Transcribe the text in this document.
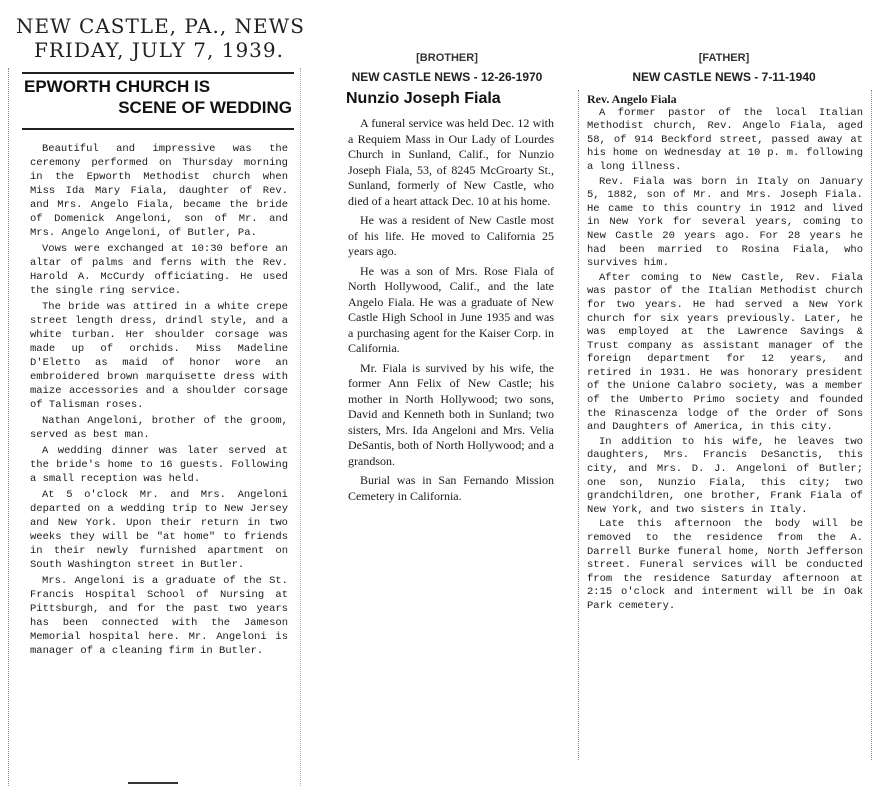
NEW CASTLE, PA., NEWS
FRIDAY, JULY 7, 1939.
EPWORTH CHURCH IS
SCENE OF WEDDING

Beautiful and impressive was the ceremony performed on Thursday morning in the Epworth Methodist church when Miss Ida Mary Fiala, daughter of Rev. and Mrs. Angelo Fiala, became the bride of Domenick Angeloni, son of Mr. and Mrs. Angelo Angeloni, of Butler, Pa.

Vows were exchanged at 10:30 before an altar of palms and ferns with the Rev. Harold A. McCurdy officiating. He used the single ring service.

The bride was attired in a white crepe street length dress, drindl style, and a white turban. Her shoulder corsage was made up of orchids. Miss Madeline D'Eletto as maid of honor wore an embroidered brown marquisette dress with maize accessories and a shoulder corsage of Talisman roses.

Nathan Angeloni, brother of the groom, served as best man.

A wedding dinner was later served at the bride's home to 16 guests. Following a small reception was held.

At 5 o'clock Mr. and Mrs. Angeloni departed on a wedding trip to New Jersey and New York. Upon their return in two weeks they will be "at home" to friends in their newly furnished apartment on South Washington street in Butler.

Mrs. Angeloni is a graduate of the St. Francis Hospital School of Nursing at Pittsburgh, and for the past two years has been connected with the Jameson Memorial hospital here. Mr. Angeloni is manager of a cleaning firm in Butler.

[BROTHER]
NEW CASTLE NEWS - 12-26-1970
Nunzio Joseph Fiala

A funeral service was held Dec. 12 with a Requiem Mass in Our Lady of Lourdes Church in Sunland, Calif., for Nunzio Joseph Fiala, 53, of 8245 McGroarty St., Sunland, formerly of New Castle, who died of a heart attack Dec. 10 at his home.

He was a resident of New Castle most of his life. He moved to California 25 years ago.

He was a son of Mrs. Rose Fiala of North Hollywood, Calif., and the late Angelo Fiala. He was a graduate of New Castle High School in June 1935 and was a purchasing agent for the Kaiser Corp. in California.

Mr. Fiala is survived by his wife, the former Ann Felix of New Castle; his mother in North Hollywood; two sons, David and Kenneth both in Sunland; two sisters, Mrs. Ida Angeloni and Mrs. Velia DeSantis, both of North Hollywood; and a grandson.

Burial was in San Fernando Mission Cemetery in California.

[FATHER]
NEW CASTLE NEWS - 7-11-1940

Rev. Angelo Fiala

A former pastor of the local Italian Methodist church, Rev. Angelo Fiala, aged 58, of 914 Beckford street, passed away at his home on Wednesday at 10 p. m. following a long illness.

Rev. Fiala was born in Italy on January 5, 1882, son of Mr. and Mrs. Joseph Fiala. He came to this country in 1912 and lived in New York for several years, coming to New Castle 20 years ago. For 28 years he had been married to Rosina Fiala, who survives him.

After coming to New Castle, Rev. Fiala was pastor of the Italian Methodist church for two years. He had served a New York church for six years previously. Later, he was employed at the Lawrence Savings & Trust company as assistant manager of the foreign department for 12 years, and retired in 1931. He was honorary president of the Unione Calabro society, was a member of the Umberto Primo society and founded the Rinascenza lodge of the Order of Sons and Daughters of America, in this city.

In addition to his wife, he leaves two daughters, Mrs. Francis DeSanctis, this city, and Mrs. D. J. Angeloni of Butler; one son, Nunzio Fiala, this city; two grandchildren, one brother, Frank Fiala of New York, and two sisters in Italy.

Late this afternoon the body will be removed to the residence from the A. Darrell Burke funeral home, North Jefferson street. Funeral services will be conducted from the residence Saturday afternoon at 2:15 o'clock and interment will be in Oak Park cemetery.
